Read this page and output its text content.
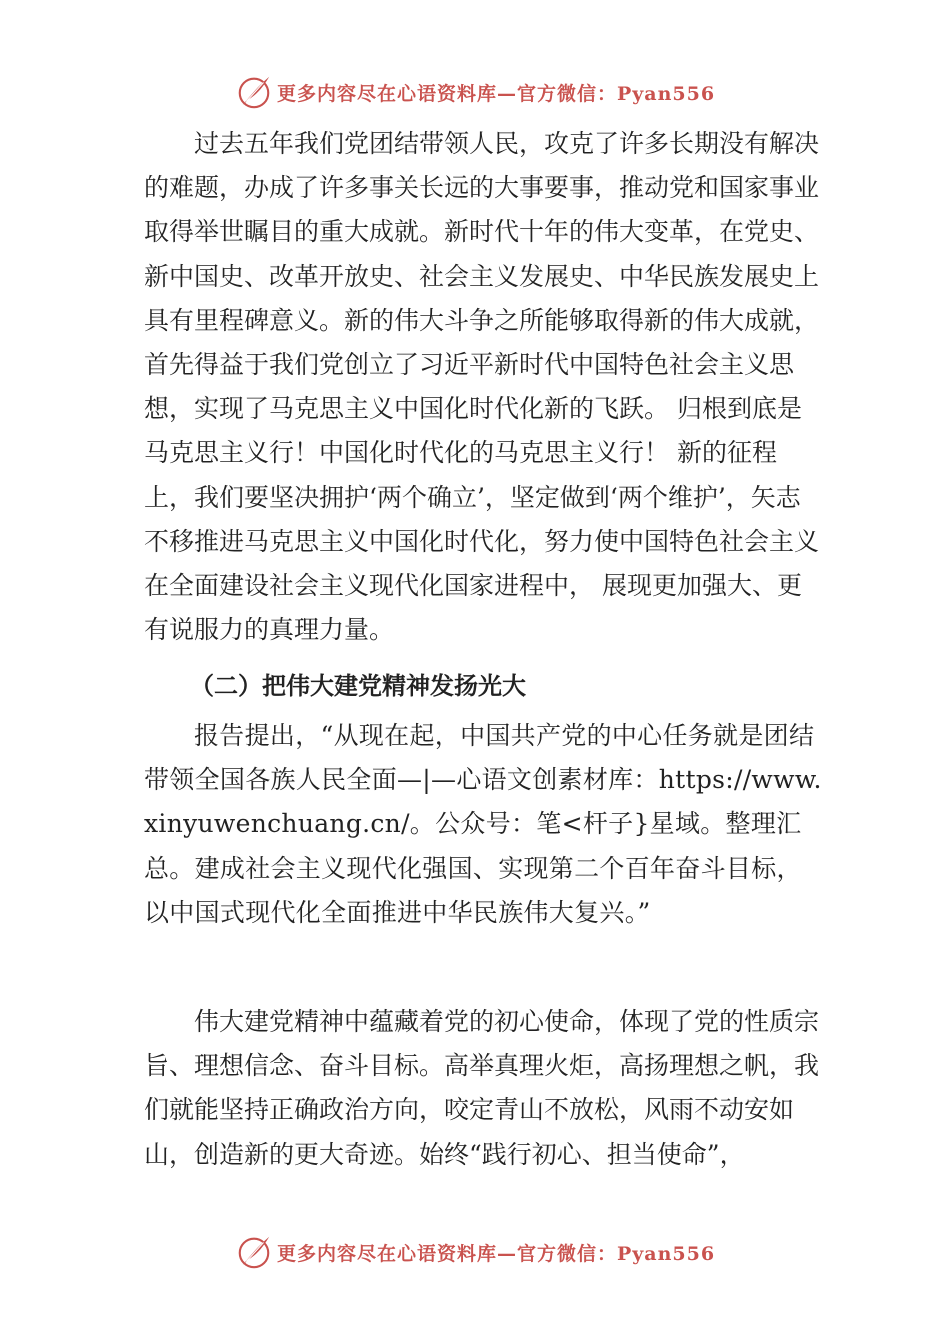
更多内容尽在心语资料库—官方微信：Pyan556

过去五年我们党团结带领人民，攻克了许多长期没有解决的难题，办成了许多事关长远的大事要事，推动党和国家事业取得举世瞩目的重大成就。新时代十年的伟大变革，在党史、新中国史、改革开放史、社会主义发展史、中华民族发展史上具有里程碑意义。新的伟大斗争之所能够取得新的伟大成就，首先得益于我们党创立了习近平新时代中国特色社会主义思想，实现了马克思主义中国化时代化新的飞跃。 归根到底是马克思主义行！中国化时代化的马克思主义行！ 新的征程上，我们要坚决拥护‘两个确立’，坚定做到‘两个维护’，矢志不移推进马克思主义中国化时代化，努力使中国特色社会主义在全面建设社会主义现代化国家进程中， 展现更加强大、更有说服力的真理力量。

（二）把伟大建党精神发扬光大

报告提出，“从现在起，中国共产党的中心任务就是团结带领全国各族人民全面—|—心语文创素材库：https://www.xinyuwenchuang.cn/。公众号：笔<杆子}星域。整理汇总。建成社会主义现代化强国、实现第二个百年奋斗目标，以中国式现代化全面推进中华民族伟大复兴。”

伟大建党精神中蕴藏着党的初心使命，体现了党的性质宗旨、理想信念、奋斗目标。高举真理火炬，高扬理想之帆，我们就能坚持正确政治方向，咬定青山不放松，风雨不动安如山，创造新的更大奇迹。始终“践行初心、担当使命”，

更多内容尽在心语资料库—官方微信：Pyan556
